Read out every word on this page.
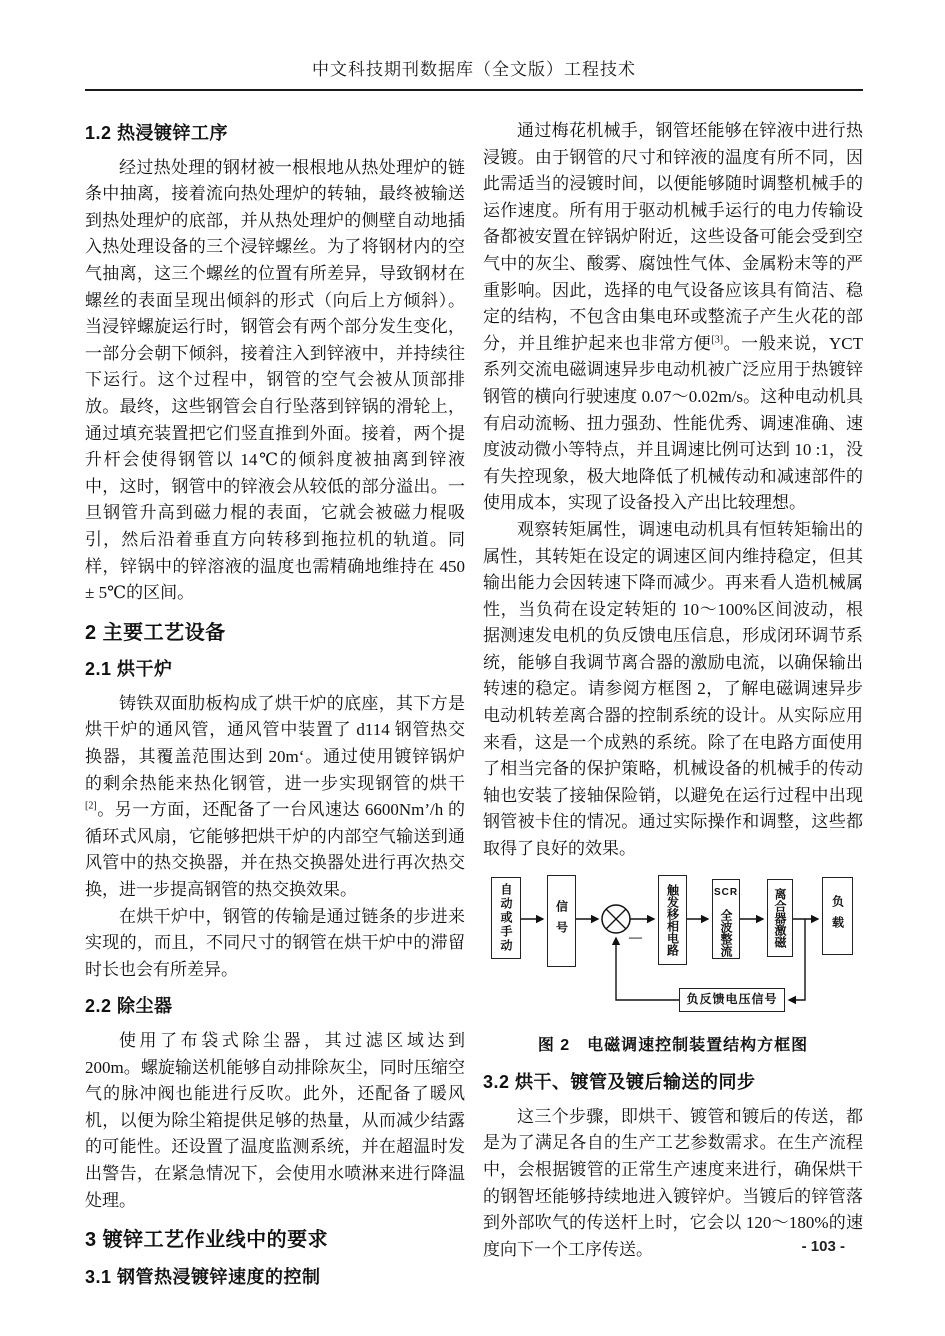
中文科技期刊数据库（全文版）工程技术
1.2 热浸镀锌工序

经过热处理的钢材被一根根地从热处理炉的链条中抽离，接着流向热处理炉的转轴，最终被输送到热处理炉的底部，并从热处理炉的侧壁自动地插入热处理设备的三个浸锌螺丝。为了将钢材内的空气抽离，这三个螺丝的位置有所差异，导致钢材在螺丝的表面呈现出倾斜的形式（向后上方倾斜）。当浸锌螺旋运行时，钢管会有两个部分发生变化，一部分会朝下倾斜，接着注入到锌液中，并持续往下运行。这个过程中，钢管的空气会被从顶部排放。最终，这些钢管会自行坠落到锌锅的滑轮上，通过填充装置把它们竖直推到外面。接着，两个提升杆会使得钢管以 14℃的倾斜度被抽离到锌液中，这时，钢管中的锌液会从较低的部分溢出。一旦钢管升高到磁力棍的表面，它就会被磁力棍吸引，然后沿着垂直方向转移到拖拉机的轨道。同样，锌锅中的锌溶液的温度也需精确地维持在 450 ± 5℃的区间。

2 主要工艺设备
2.1 烘干炉

铸铁双面肋板构成了烘干炉的底座，其下方是烘干炉的通风管，通风管中装置了 d114 钢管热交换器，其覆盖范围达到 20m‘。通过使用镀锌锅炉的剩余热能来热化钢管，进一步实现钢管的烘干[2]。另一方面，还配备了一台风速达 6600Nm’/h 的循环式风扇，它能够把烘干炉的内部空气输送到通风管中的热交换器，并在热交换器处进行再次热交换，进一步提高钢管的热交换效果。

在烘干炉中，钢管的传输是通过链条的步进来实现的，而且，不同尺寸的钢管在烘干炉中的滞留时长也会有所差异。

2.2 除尘器

使用了布袋式除尘器，其过滤区域达到 200m。螺旋输送机能够自动排除灰尘，同时压缩空气的脉冲阀也能进行反吹。此外，还配备了暖风机，以便为除尘箱提供足够的热量，从而减少结露的可能性。还设置了温度监测系统，并在超温时发出警告，在紧急情况下，会使用水喷淋来进行降温处理。

3 镀锌工艺作业线中的要求
3.1 钢管热浸镀锌速度的控制

通过梅花机械手，钢管坯能够在锌液中进行热浸镀。由于钢管的尺寸和锌液的温度有所不同，因此需适当的浸镀时间，以便能够随时调整机械手的运作速度。所有用于驱动机械手运行的电力传输设备都被安置在锌锅炉附近，这些设备可能会受到空气中的灰尘、酸雾、腐蚀性气体、金属粉末等的严重影响。因此，选择的电气设备应该具有简洁、稳定的结构，不包含由集电环或整流子产生火花的部分，并且维护起来也非常方便[3]。一般来说，YCT 系列交流电磁调速异步电动机被广泛应用于热镀锌钢管的横向行驶速度 0.07～0.02m/s。这种电动机具有启动流畅、扭力强劲、性能优秀、调速准确、速度波动微小等特点，并且调速比例可达到 10 :1，没有失控现象，极大地降低了机械传动和减速部件的使用成本，实现了设备投入产出比较理想。

观察转矩属性，调速电动机具有恒转矩输出的属性，其转矩在设定的调速区间内维持稳定，但其输出能力会因转速下降而减少。再来看人造机械属性，当负荷在设定转矩的 10～100%区间波动，根据测速发电机的负反馈电压信息，形成闭环调节系统，能够自我调节离合器的激励电流，以确保输出转速的稳定。请参阅方框图 2，了解电磁调速异步电动机转差离合器的控制系统的设计。从实际应用来看，这是一个成熟的系统。除了在电路方面使用了相当完备的保护策略，机械设备的机械手的传动轴也安装了接轴保险销，以避免在运行过程中出现钢管被卡住的情况。通过实际操作和调整，这些都取得了良好的效果。

自动或手动	信号	— 触发移相电路	SCR
全波整流	离合器激磁	负载
负反馈电压信号
图 2　电磁调速控制装置结构方框图
3.2 烘干、镀管及镀后输送的同步

这三个步骤，即烘干、镀管和镀后的传送，都是为了满足各自的生产工艺参数需求。在生产流程中，会根据镀管的正常生产速度来进行，确保烘干的钢智坯能够持续地进入镀锌炉。当镀后的锌管落到外部吹气的传送杆上时，它会以 120～180%的速度向下一个工序传送。	- 103 -
